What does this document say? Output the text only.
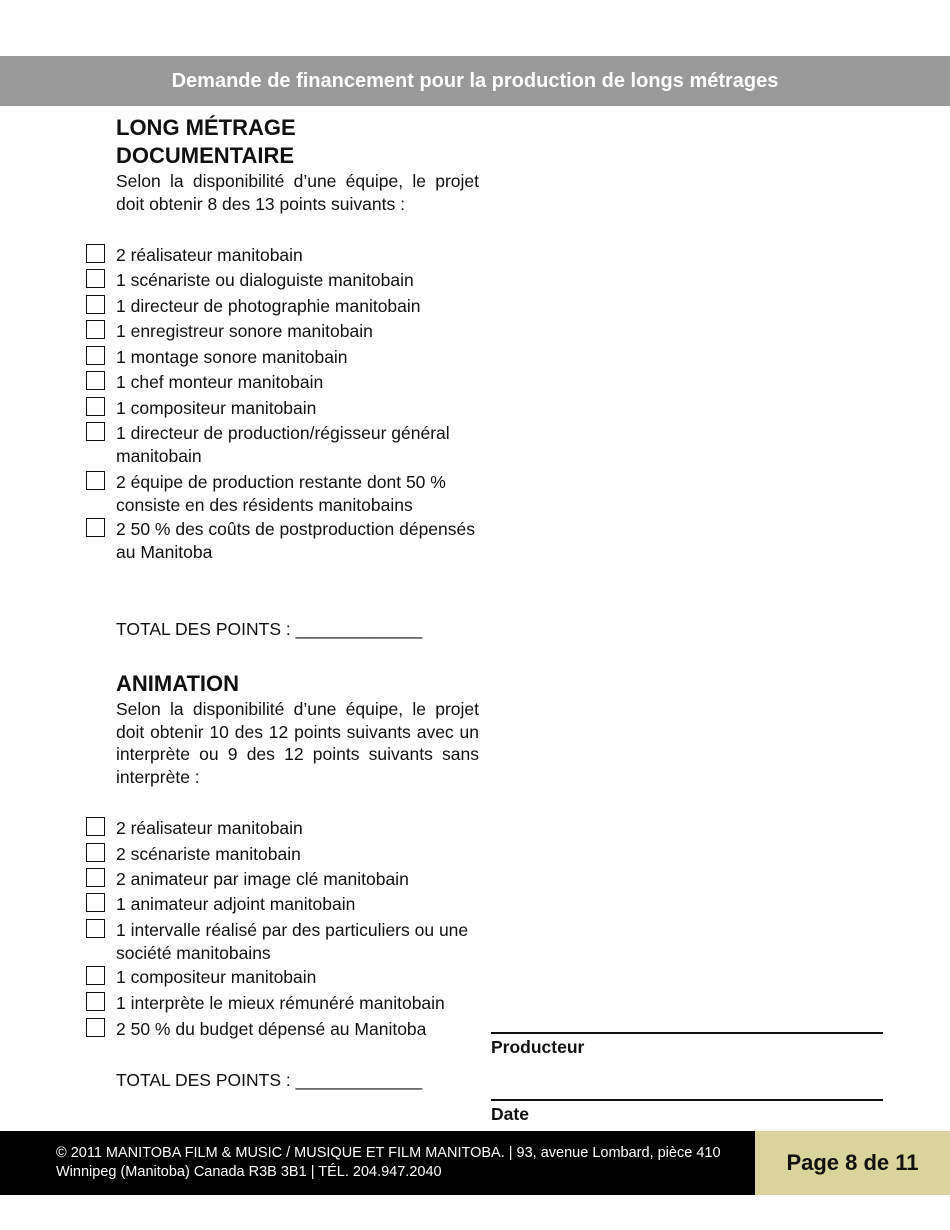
Demande de financement pour la production de longs métrages
LONG MÉTRAGE
DOCUMENTAIRE
Selon la disponibilité d’une équipe, le projet doit obtenir 8 des 13 points suivants :
2 réalisateur manitobain
1 scénariste ou dialoguiste manitobain
1 directeur de photographie manitobain
1 enregistreur sonore manitobain
1 montage sonore manitobain
1 chef monteur manitobain
1 compositeur manitobain
1 directeur de production/régisseur général manitobain
2 équipe de production restante dont 50 % consiste en des résidents manitobains
2 50 % des coûts de postproduction dépensés au Manitoba
TOTAL DES POINTS : _____________
ANIMATION
Selon la disponibilité d’une équipe, le projet doit obtenir 10 des 12 points suivants avec un interprète ou 9 des 12 points suivants sans interprète :
2 réalisateur manitobain
2 scénariste manitobain
2 animateur par image clé manitobain
1 animateur adjoint manitobain
1 intervalle réalisé par des particuliers ou une société manitobains
1 compositeur manitobain
1 interprète le mieux rémunéré manitobain
2 50 % du budget dépensé au Manitoba
TOTAL DES POINTS : _____________
Producteur
Date
© 2011 MANITOBA FILM & MUSIC / MUSIQUE ET FILM MANITOBA. | 93, avenue Lombard, pièce 410 Winnipeg (Manitoba) Canada R3B 3B1 | TÉL. 204.947.2040	Page 8 de 11
